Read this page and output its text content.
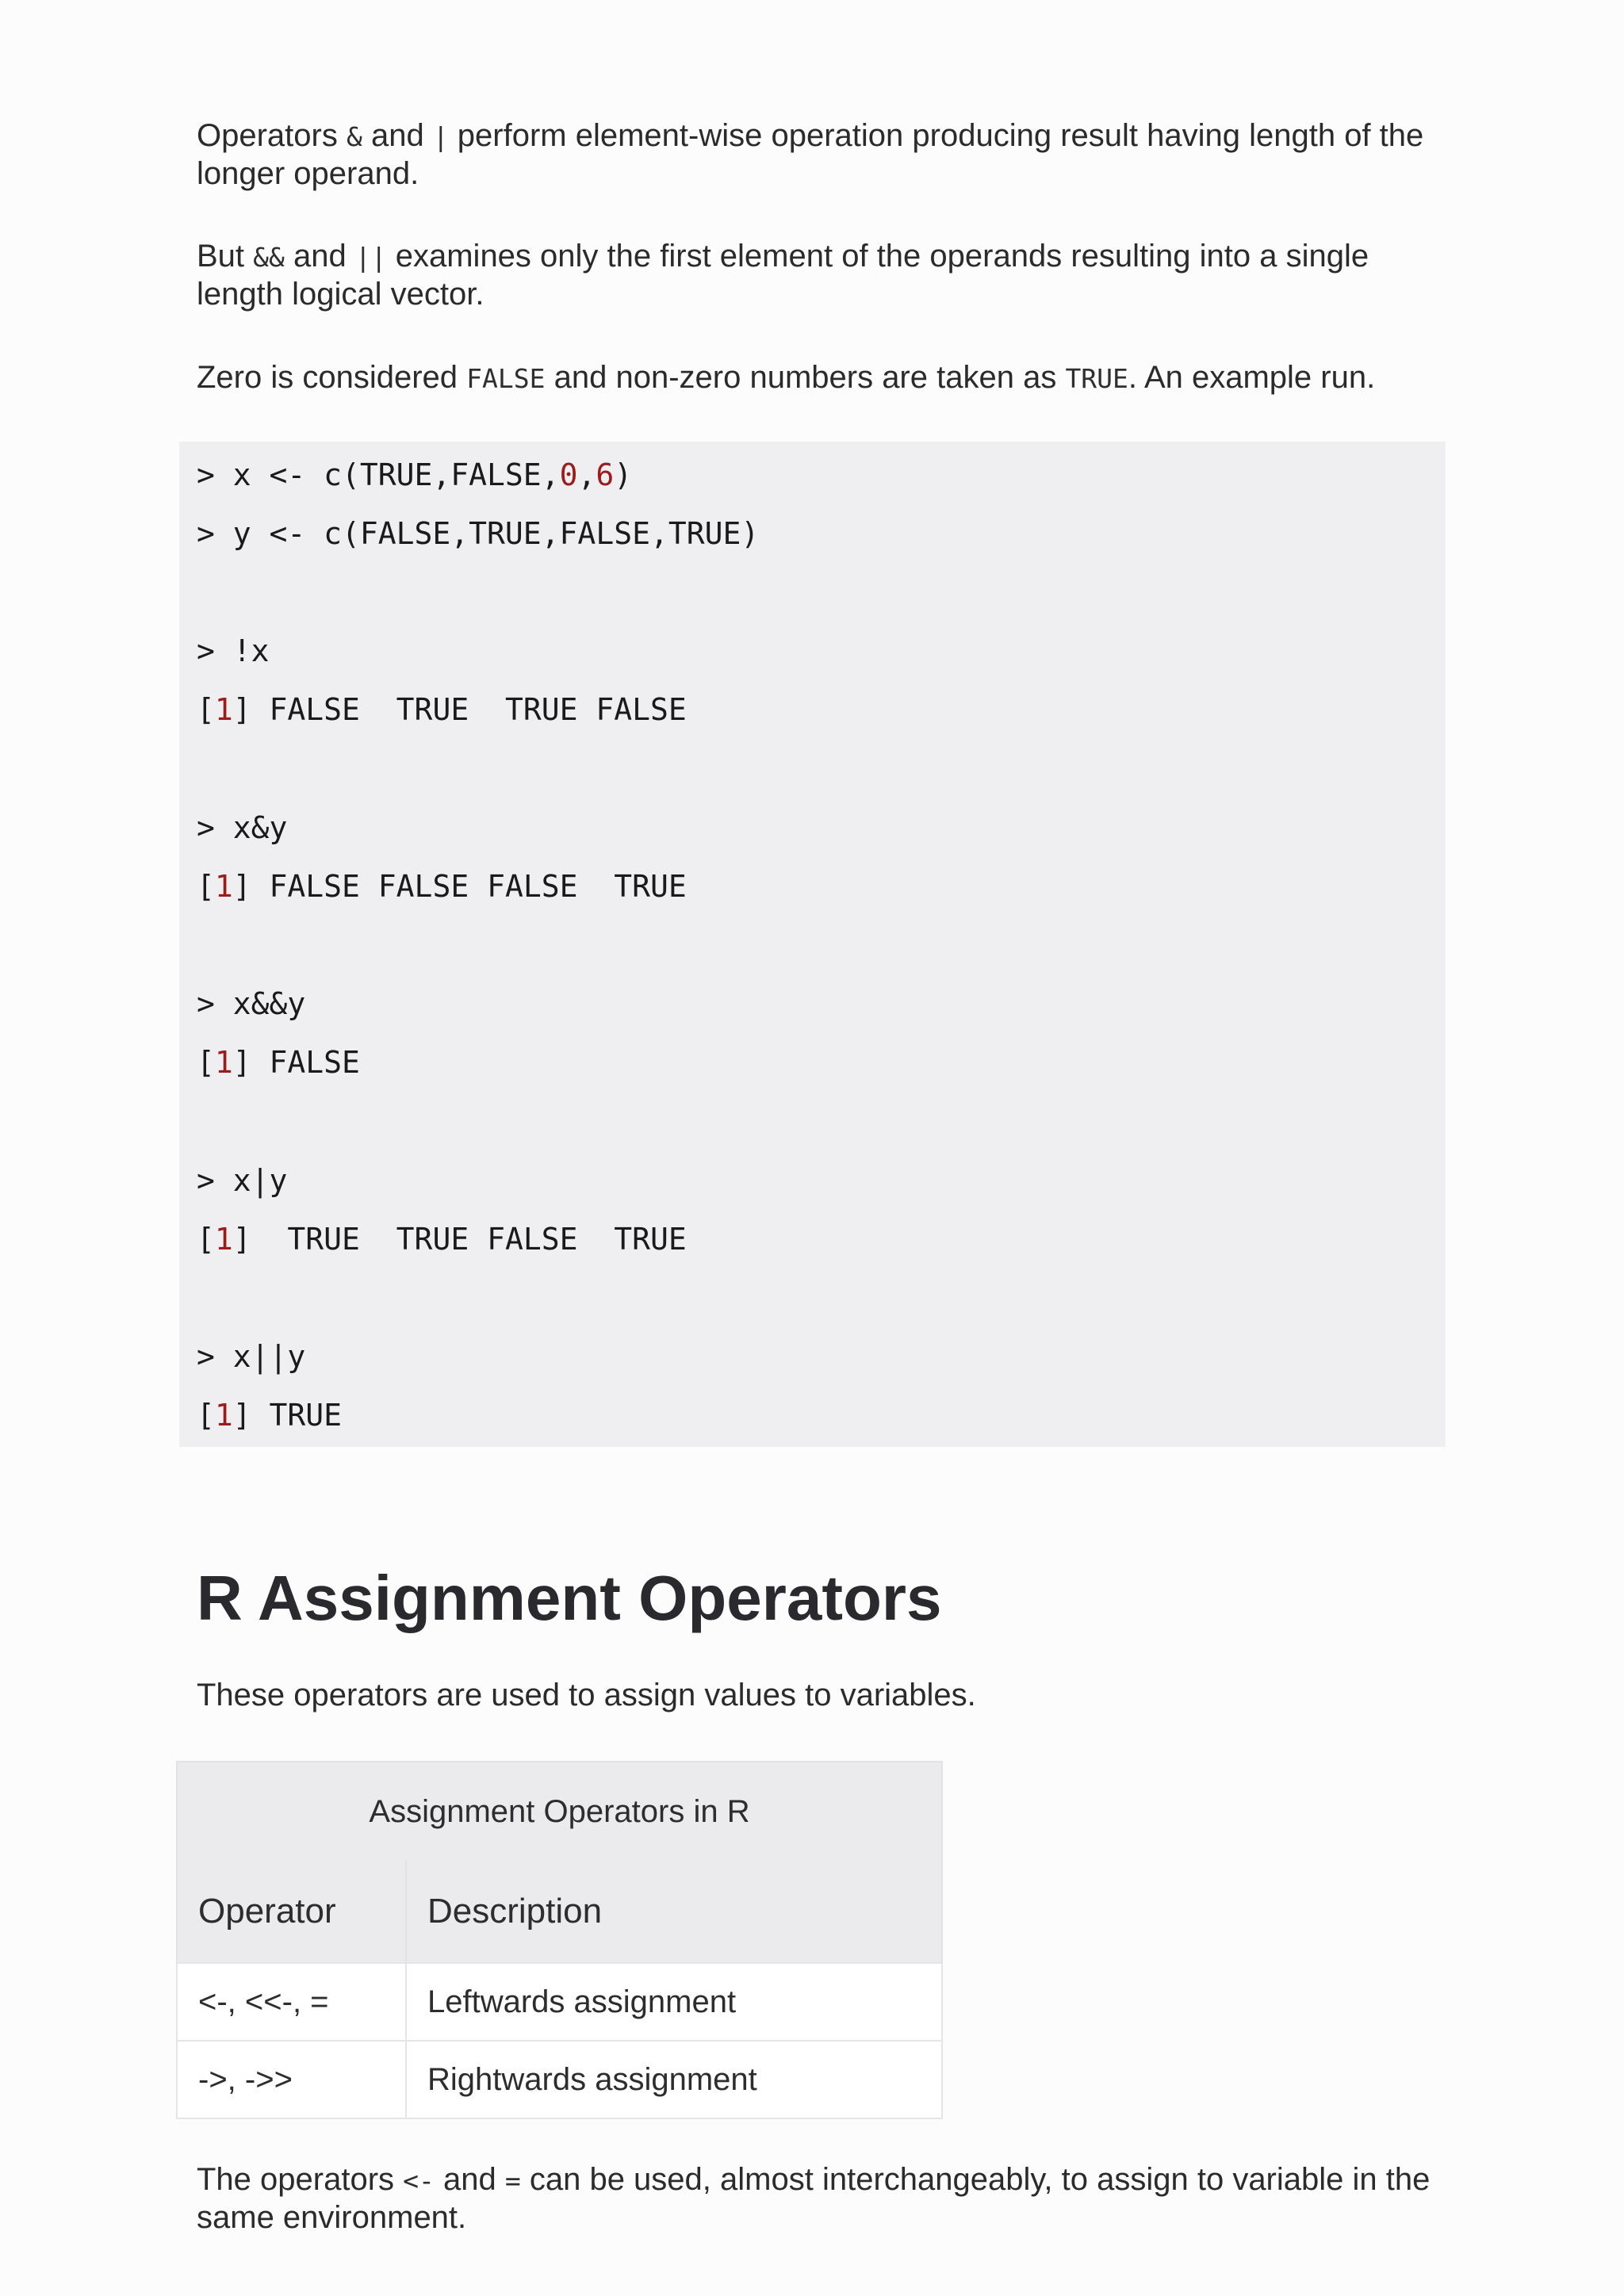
Operators & and | perform element-wise operation producing result having length of the longer operand.

But && and || examines only the first element of the operands resulting into a single length logical vector.

Zero is considered FALSE and non-zero numbers are taken as TRUE. An example run.

> x <- c(TRUE,FALSE,0,6)
> y <- c(FALSE,TRUE,FALSE,TRUE)
> !x
[1] FALSE  TRUE  TRUE FALSE
> x&y
[1] FALSE FALSE FALSE  TRUE
> x&&y
[1] FALSE
> x|y
[1]  TRUE  TRUE FALSE  TRUE
> x||y
[1] TRUE
R Assignment Operators

These operators are used to assign values to variables.

Assignment Operators in R
Operator	Description
<-, <<-, =	Leftwards assignment
->, ->>	Rightwards assignment

The operators <- and = can be used, almost interchangeably, to assign to variable in the same environment.
